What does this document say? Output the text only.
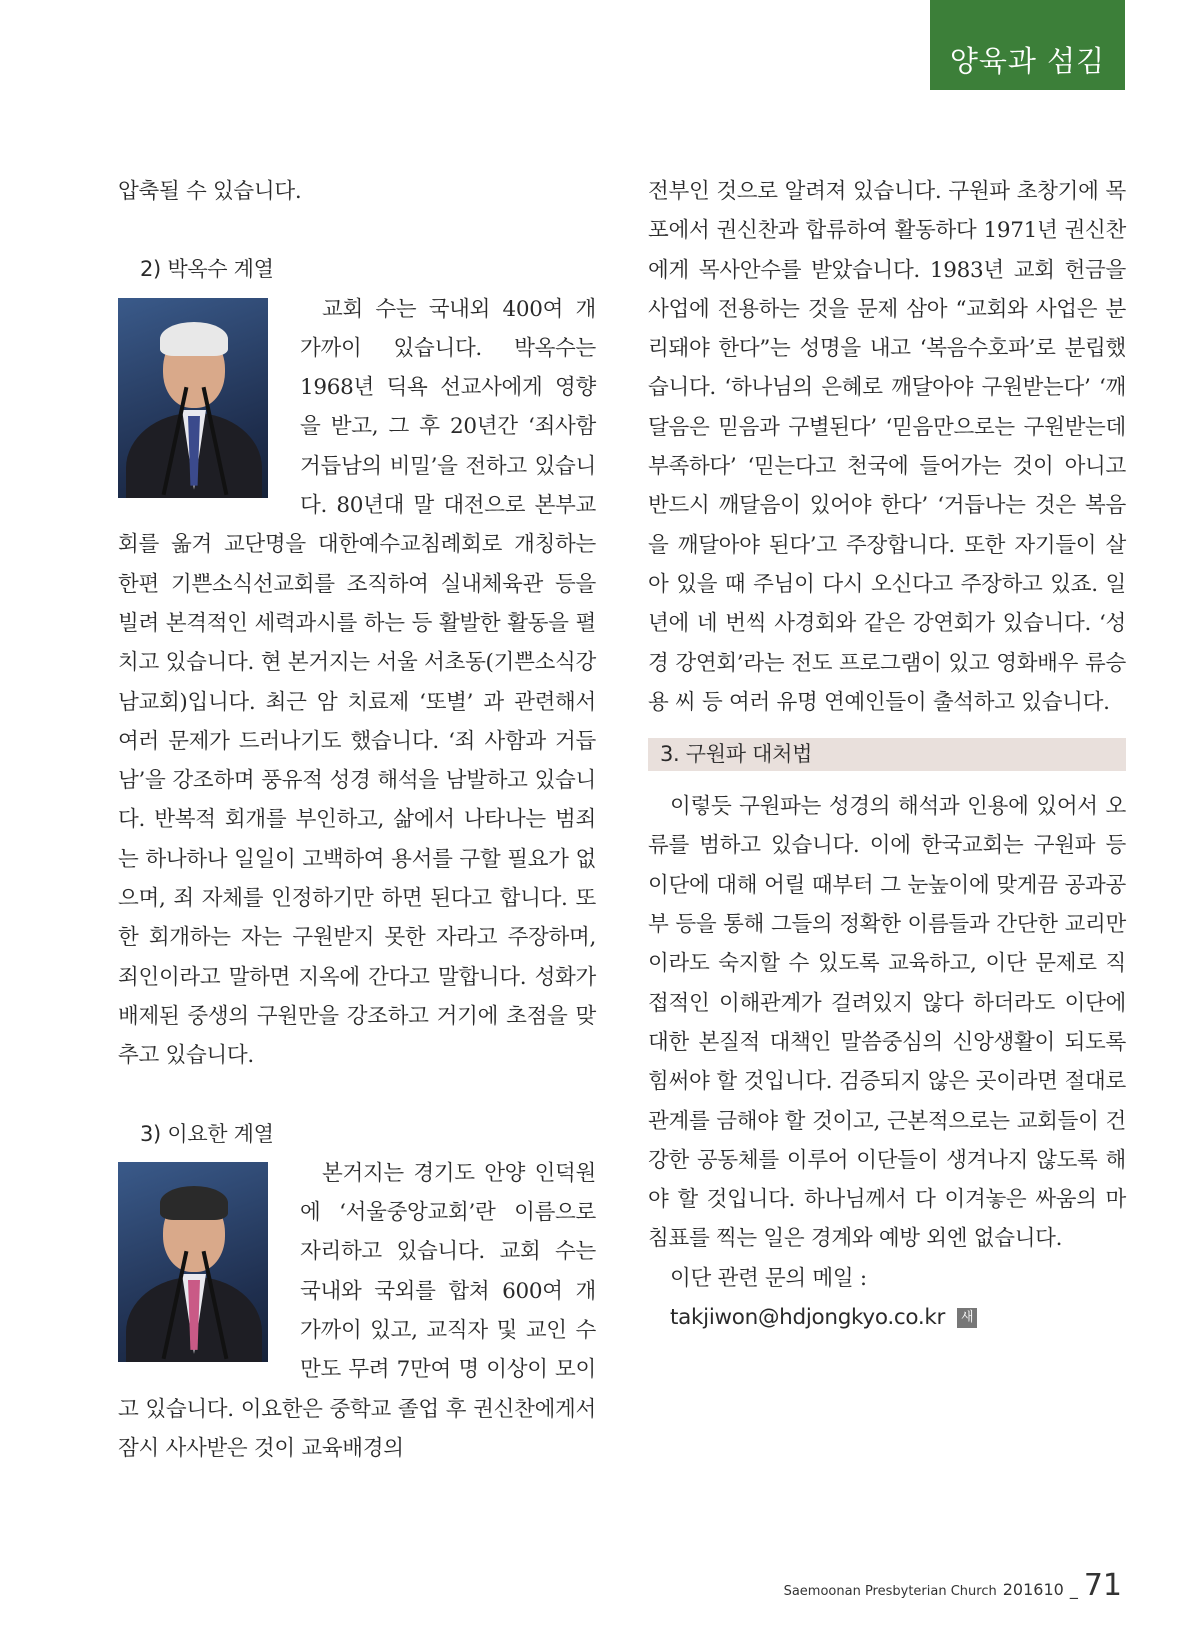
양육과 섬김

압축될 수 있습니다.

2) 박옥수 계열

교회 수는 국내외 400여 개 가까이 있습니다. 박옥수는 1968년 딕욕 선교사에게 영향을 받고, 그 후 20년간 ‘죄사함 거듭남의 비밀’을 전하고 있습니다. 80년대 말 대전으로 본부교회를 옮겨 교단명을 대한예수교침례회로 개칭하는 한편 기쁜소식선교회를 조직하여 실내체육관 등을 빌려 본격적인 세력과시를 하는 등 활발한 활동을 펼치고 있습니다. 현 본거지는 서울 서초동(기쁜소식강남교회)입니다. 최근 암 치료제 ‘또별’ 과 관련해서 여러 문제가 드러나기도 했습니다. ‘죄 사함과 거듭남’을 강조하며 풍유적 성경 해석을 남발하고 있습니다. 반복적 회개를 부인하고, 삶에서 나타나는 범죄는 하나하나 일일이 고백하여 용서를 구할 필요가 없으며, 죄 자체를 인정하기만 하면 된다고 합니다. 또한 회개하는 자는 구원받지 못한 자라고 주장하며, 죄인이라고 말하면 지옥에 간다고 말합니다. 성화가 배제된 중생의 구원만을 강조하고 거기에 초점을 맞추고 있습니다.

3) 이요한 계열

본거지는 경기도 안양 인덕원에 ‘서울중앙교회’란 이름으로 자리하고 있습니다. 교회 수는 국내와 국외를 합쳐 600여 개 가까이 있고, 교직자 및 교인 수만도 무려 7만여 명 이상이 모이고 있습니다. 이요한은 중학교 졸업 후 권신찬에게서 잠시 사사받은 것이 교육배경의

전부인 것으로 알려져 있습니다. 구원파 초창기에 목포에서 권신찬과 합류하여 활동하다 1971년 권신찬에게 목사안수를 받았습니다. 1983년 교회 헌금을 사업에 전용하는 것을 문제 삼아 “교회와 사업은 분리돼야 한다”는 성명을 내고 ‘복음수호파’로 분립했습니다. ‘하나님의 은혜로 깨달아야 구원받는다’ ‘깨달음은 믿음과 구별된다’ ‘믿음만으로는 구원받는데 부족하다’ ‘믿는다고 천국에 들어가는 것이 아니고 반드시 깨달음이 있어야 한다’ ‘거듭나는 것은 복음을 깨달아야 된다’고 주장합니다. 또한 자기들이 살아 있을 때 주님이 다시 오신다고 주장하고 있죠. 일 년에 네 번씩 사경회와 같은 강연회가 있습니다. ‘성경 강연회’라는 전도 프로그램이 있고 영화배우 류승용 씨 등 여러 유명 연예인들이 출석하고 있습니다.

3. 구원파 대처법

이렇듯 구원파는 성경의 해석과 인용에 있어서 오류를 범하고 있습니다. 이에 한국교회는 구원파 등 이단에 대해 어릴 때부터 그 눈높이에 맞게끔 공과공부 등을 통해 그들의 정확한 이름들과 간단한 교리만이라도 숙지할 수 있도록 교육하고, 이단 문제로 직접적인 이해관계가 걸려있지 않다 하더라도 이단에 대한 본질적 대책인 말씀중심의 신앙생활이 되도록 힘써야 할 것입니다. 검증되지 않은 곳이라면 절대로 관계를 금해야 할 것이고, 근본적으로는 교회들이 건강한 공동체를 이루어 이단들이 생겨나지 않도록 해야 할 것입니다. 하나님께서 다 이겨놓은 싸움의 마침표를 찍는 일은 경계와 예방 외엔 없습니다.

이단 관련 문의 메일 :

takjiwon@hdjongkyo.co.kr 새
Saemoonan Presbyterian Church 201610 _ 71
